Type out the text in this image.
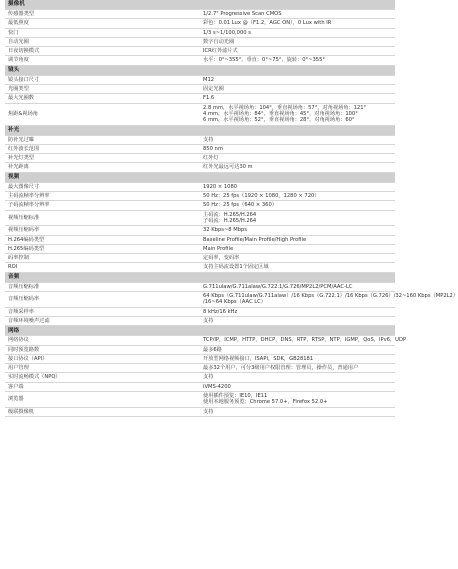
摄像机	
传感器类型	1/2.7" Progressive Scan CMOS
最低照度	彩色：0.01 Lux @（F1.2，AGC ON），0 Lux with IR
快门	1/3 s~1/100,000 s
自动光圈	数字自动光圈
日夜切换模式	ICR红外滤片式
调节角度	水平：0°~355°，垂直：0°~75°，旋转：0°~355°
镜头	
镜头接口尺寸	M12
光圈类型	固定光圈
最大光圈数	F1.6
焦距&视场角	2.8 mm，水平视场角：104°，垂直视场角：57°，对角视场角：121°
4 mm，水平视场角：84°，垂直视场角：45°，对角视场角：100°
6 mm，水平视场角：52°，垂直视场角：28°，对角视场角：60°

补光	
防补光过曝	支持
红外波长范围	850 nm
补光灯类型	红外灯
补光距离	红外光最远可达30 m
视频	
最大图像尺寸	1920 × 1080
主码流帧率分辨率	50 Hz：25 fps（1920 × 1080，1280 × 720）
子码流帧率分辨率	50 Hz：25 fps（640 × 360）
视频压缩标准	主码流：H.265/H.264
子码流：H.265/H.264

视频压缩码率	32 Kbps~8 Mbps
H.264编码类型	Baseline Profile/Main Profile/High Profile
H.265编码类型	Main Profile
码率控制	定码率，变码率
ROI	支持主码流设置1个固定区域
音频	
音频压缩标准	G.711ulaw/G.711alaw/G.722.1/G.726/MP2L2/PCM/AAC-LC
音频压缩码率	64 Kbps（G.711ulaw/G.711alaw）/16 Kbps（G.722.1）/16 Kbps（G.726）/32~160 Kbps（MP2L2）
/16~64 Kbps（AAC LC）

音频采样率	8 kHz/16 kHz
音频环境噪声过滤	支持
网络	
网络协议	TCP/IP，ICMP，HTTP，DHCP，DNS，RTP，RTSP，NTP，IGMP，QoS，IPv6，UDP
同时预览路数	最多6路
接口协议（API）	开放型网络视频接口，ISAPI，SDK，GB28181
用户管理	最多32个用户，可分3级用户权限管理：管理员，操作员，普通用户
实时流畅模式（NPQ）	支持
客户端	iVMS-4200
浏览器	使用插件预览：IE10，IE11
使用本地服务预览：Chrome 57.0+，Firefox 52.0+

级联摄像机	支持
